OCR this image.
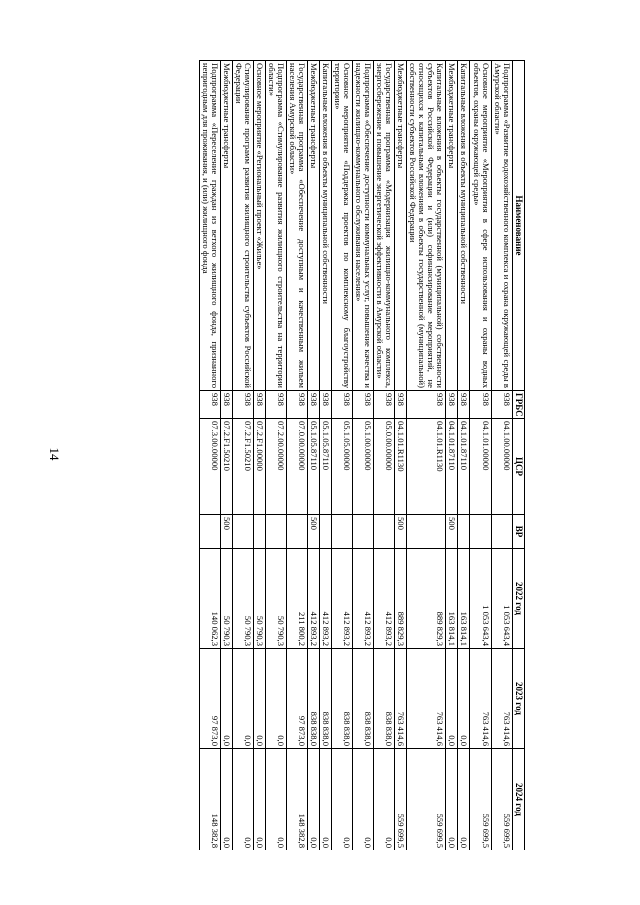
14
Наименование	ГРБС	ЦСР	ВР	2022 год	2023 год	2024 год
Подпрограмма «Развитие водохозяйственного комплекса и охрана окружающей среды в Амурской области»	938	04.1.00.00000		1 053 643,4	763 414,6	559 699,5
Основное мероприятие «Мероприятия в сфере использования и охраны водных объектов, охраны окружающей среды»	938	04.1.01.00000		1 053 643,4	763 414,6	559 699,5
Капитальные вложения в объекты муниципальной собственности	938	04.1.01.87110		163 814,1	0,0	0,0
Межбюджетные трансферты	938	04.1.01.87110	500	163 814,1	0,0	0,0
Капитальные вложения в объекты государственной (муниципальной) собственности субъектов Российской Федерации и (или) софинансирование мероприятий, не относящихся к капитальным вложениям в объекты государственной (муниципальной) собственности субъектов Российской Федерации	938	04.1.01.R1130		889 829,3	763 414,6	559 699,5
Межбюджетные трансферты	938	04.1.01.R1130	500	889 829,3	763 414,6	559 699,5
Государственная программа «Модернизация жилищно-коммунального комплекса, энергосбережение и повышение энергетической эффективности в Амурской области»	938	05.0.00.00000		412 893,2	838 838,0	0,0
Подпрограмма «Обеспечение доступности коммунальных услуг, повышение качества и надежности жилищно-коммунального обслуживания населения»	938	05.1.00.00000		412 893,2	838 838,0	0,0
Основное мероприятие «Поддержка проектов по комплексному благоустройству территории»	938	05.1.05.00000		412 893,2	838 838,0	0,0
Капитальные вложения в объекты муниципальной собственности	938	05.1.05.87110		412 893,2	838 838,0	0,0
Межбюджетные трансферты	938	05.1.05.87110	500	412 893,2	838 838,0	0,0
Государственная программа «Обеспечение доступным и качественным жильем населения Амурской области»	938	07.0.00.00000		211 800,2	97 873,0	148 382,8
Подпрограмма «Стимулирование развития жилищного строительства на территории области»	938	07.2.00.00000		50 790,3	0,0	0,0
Основное мероприятие «Региональный проект «Жилье»	938	07.2.F1.00000		50 790,3	0,0	0,0
Стимулирование программ развития жилищного строительства субъектов Российской Федерации	938	07.2.F1.50210		50 790,3	0,0	0,0
Межбюджетные трансферты	938	07.2.F1.50210	500	50 790,3	0,0	0,0
Подпрограмма «Переселение граждан из ветхого жилищного фонда, признанного непригодным для проживания, и (или) жилищного фонда	938	07.3.00.00000		140 062,3	97 873,0	148 382,8
